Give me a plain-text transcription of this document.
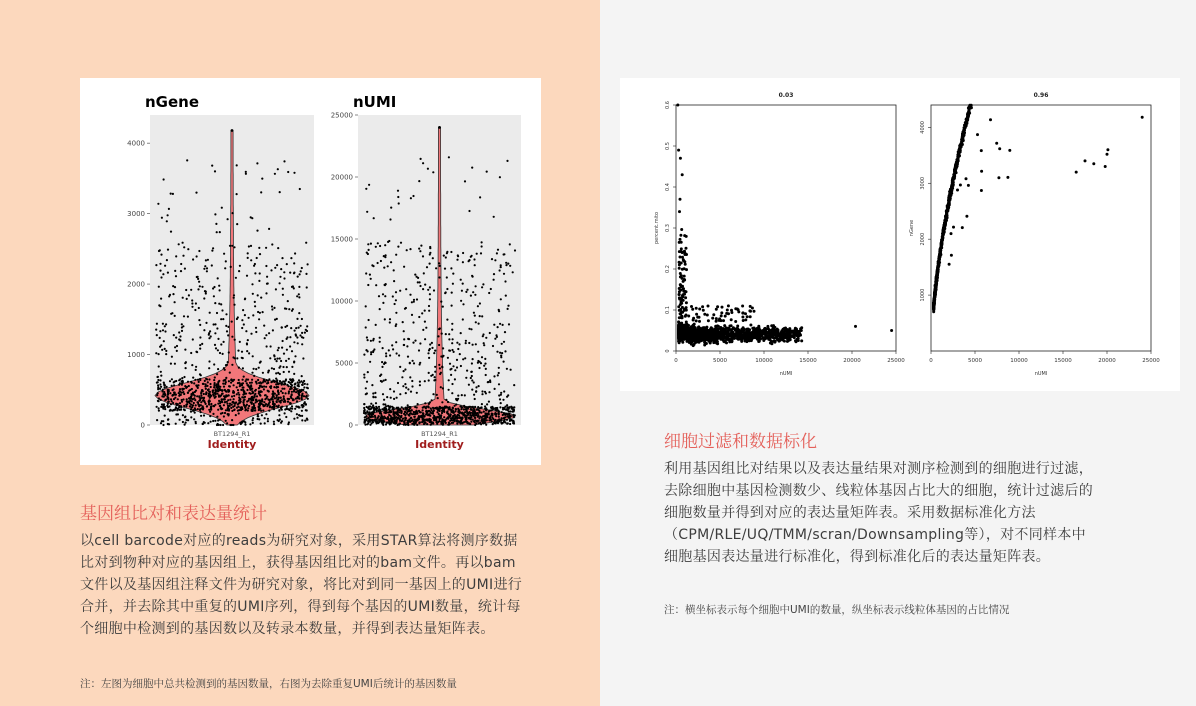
nGene
0
1000
2000
3000
4000
BT1294_R1
Identity
nUMI
0
5000
10000
15000
20000
25000
BT1294_R1
Identity
基因组比对和表达量统计

以cell barcode对应的reads为研究对象，采用STAR算法将测序数据比对到物种对应的基因组上，获得基因组比对的bam文件。再以bam文件以及基因组注释文件为研究对象，将比对到同一基因上的UMI进行合并，并去除其中重复的UMI序列，得到每个基因的UMI数量，统计每个细胞中检测到的基因数以及转录本数量，并得到表达量矩阵表。

注：左图为细胞中总共检测到的基因数量，右图为去除重复UMI后统计的基因数量

0.03
nUMI
percent.mito
0	5000	10000	15000	20000	25000
0
0.1
0.2
0.3
0.4
0.5
0.6
0.96
nUMI
nGene
0	5000	10000	15000	20000	25000
1000
2000
3000
4000
细胞过滤和数据标化

利用基因组比对结果以及表达量结果对测序检测到的细胞进行过滤，去除细胞中基因检测数少、线粒体基因占比大的细胞，统计过滤后的细胞数量并得到对应的表达量矩阵表。采用数据标准化方法（CPM/RLE/UQ/TMM/scran/Downsampling等），对不同样本中细胞基因表达量进行标准化，得到标准化后的表达量矩阵表。

注：横坐标表示每个细胞中UMI的数量，纵坐标表示线粒体基因的占比情况
